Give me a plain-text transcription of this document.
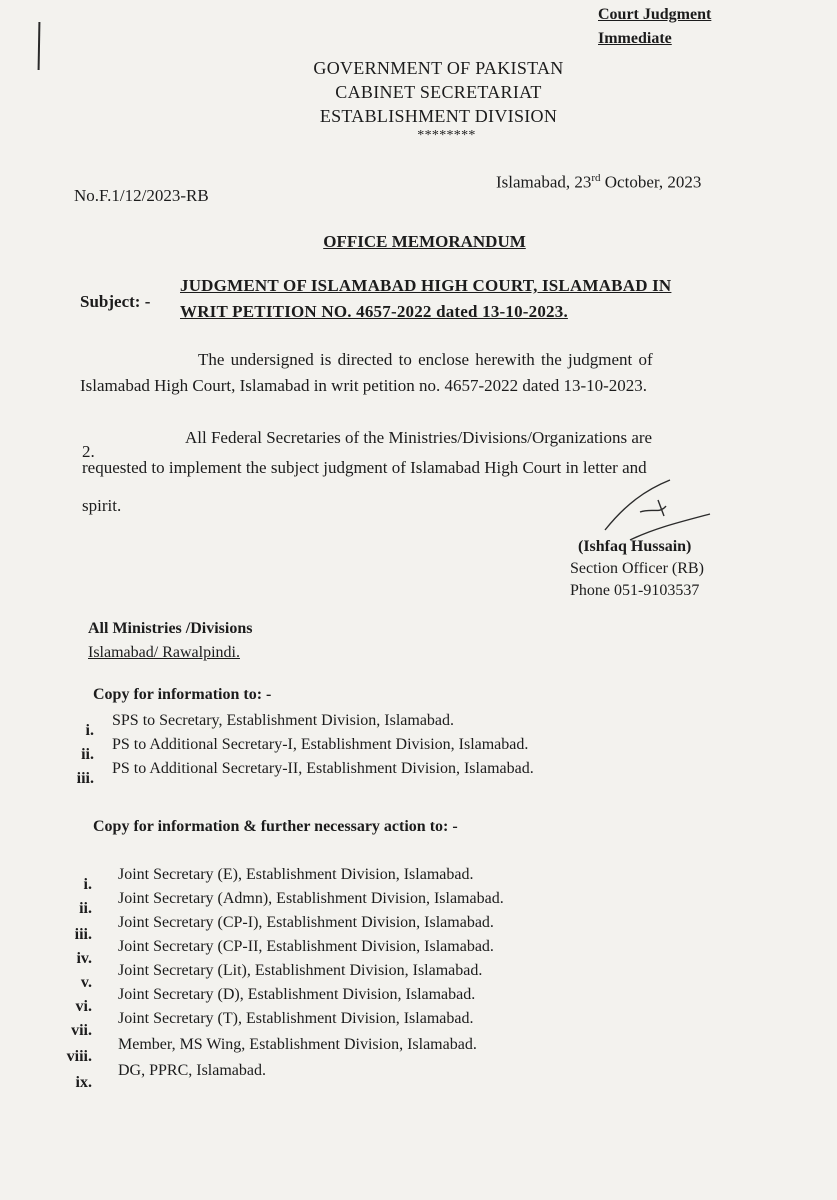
Court Judgment
Immediate
GOVERNMENT OF PAKISTAN
CABINET SECRETARIAT
ESTABLISHMENT DIVISION
********
No.F.1/12/2023-RB
Islamabad, 23rd October, 2023
OFFICE MEMORANDUM
Subject: -
JUDGMENT OF ISLAMABAD HIGH COURT, ISLAMABAD IN
WRIT PETITION NO. 4657-2022 dated 13-10-2023.
The undersigned is directed to enclose herewith the judgment of
Islamabad High Court, Islamabad in writ petition no. 4657-2022 dated 13-10-2023.
2.
All Federal Secretaries of the Ministries/Divisions/Organizations are
requested to implement the subject judgment of Islamabad High Court in letter and
spirit.
(Ishfaq Hussain)
Section Officer (RB)
Phone 051-9103537
All Ministries /Divisions
Islamabad/ Rawalpindi.
Copy for information to: -
i.
SPS to Secretary, Establishment Division, Islamabad.
ii.
PS to Additional Secretary-I, Establishment Division, Islamabad.
iii.
PS to Additional Secretary-II, Establishment Division, Islamabad.
Copy for information & further necessary action to: -
i.
Joint Secretary (E), Establishment Division, Islamabad.
ii.
Joint Secretary (Admn), Establishment Division, Islamabad.
iii.
Joint Secretary (CP-I), Establishment Division, Islamabad.
iv.
Joint Secretary (CP-II, Establishment Division, Islamabad.
v.
Joint Secretary (Lit), Establishment Division, Islamabad.
vi.
Joint Secretary (D), Establishment Division, Islamabad.
vii.
Joint Secretary (T), Establishment Division, Islamabad.
viii.
Member, MS Wing, Establishment Division, Islamabad.
ix.
DG, PPRC, Islamabad.
